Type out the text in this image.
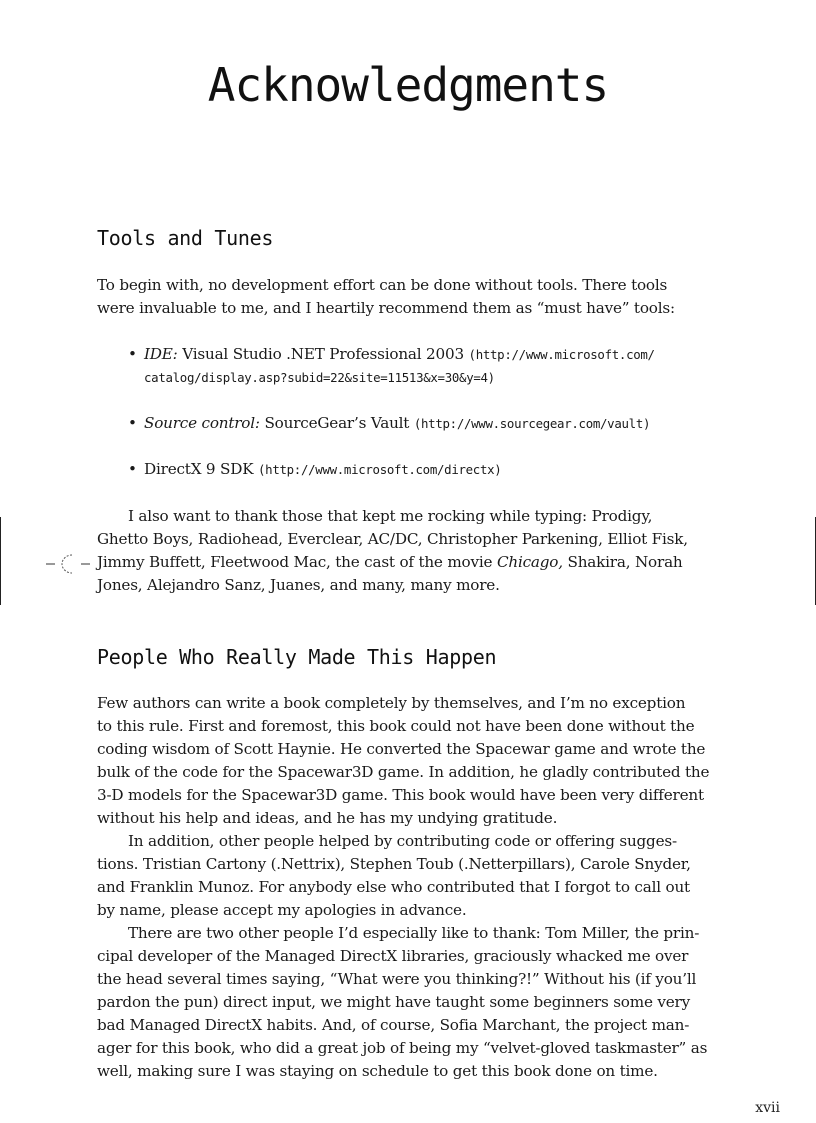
Acknowledgments
Tools and Tunes

To begin with, no development effort can be done without tools. There tools
were invaluable to me, and I heartily recommend them as “must have” tools:

• IDE: Visual Studio .NET Professional 2003 (http://www.microsoft.com/
catalog/display.asp?subid=22&site=11513&x=30&y=4)
• Source control: SourceGear’s Vault (http://www.sourcegear.com/vault)
• DirectX 9 SDK (http://www.microsoft.com/directx)

I also want to thank those that kept me rocking while typing: Prodigy,
Ghetto Boys, Radiohead, Everclear, AC/DC, Christopher Parkening, Elliot Fisk,
Jimmy Buffett, Fleetwood Mac, the cast of the movie Chicago, Shakira, Norah
Jones, Alejandro Sanz, Juanes, and many, many more.

People Who Really Made This Happen

Few authors can write a book completely by themselves, and I’m no exception
to this rule. First and foremost, this book could not have been done without the
coding wisdom of Scott Haynie. He converted the Spacewar game and wrote the
bulk of the code for the Spacewar3D game. In addition, he gladly contributed the
3-D models for the Spacewar3D game. This book would have been very different
without his help and ideas, and he has my undying gratitude.

In addition, other people helped by contributing code or offering sugges-
tions. Tristian Cartony (.Nettrix), Stephen Toub (.Netterpillars), Carole Snyder,
and Franklin Munoz. For anybody else who contributed that I forgot to call out
by name, please accept my apologies in advance.

There are two other people I’d especially like to thank: Tom Miller, the prin-
cipal developer of the Managed DirectX libraries, graciously whacked me over
the head several times saying, “What were you thinking?!” Without his (if you’ll
pardon the pun) direct input, we might have taught some beginners some very
bad Managed DirectX habits. And, of course, Sofia Marchant, the project man-
ager for this book, who did a great job of being my “velvet-gloved taskmaster” as
well, making sure I was staying on schedule to get this book done on time.

xvii
